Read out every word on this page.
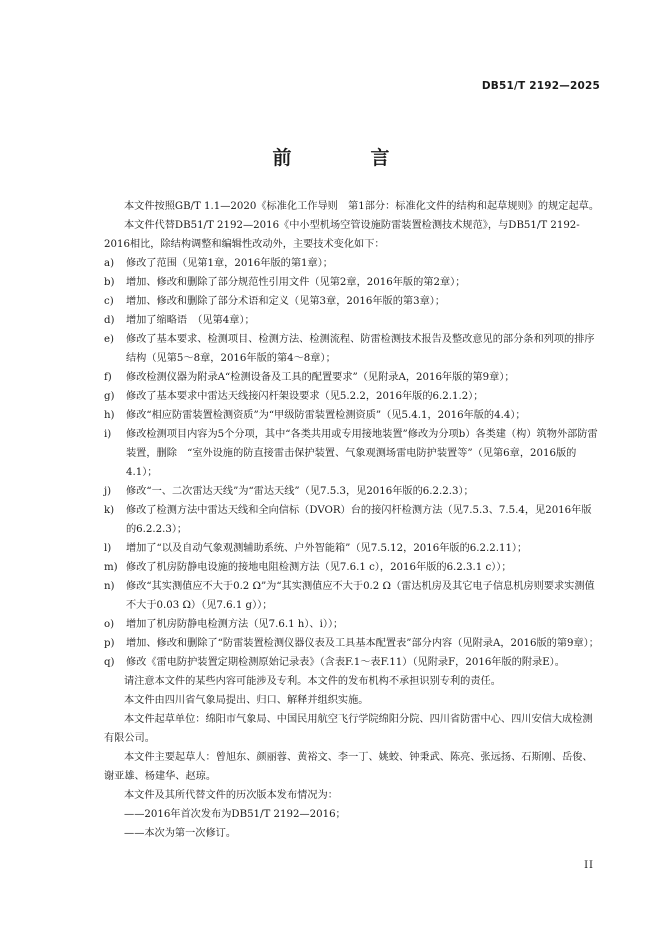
DB51/T 2192—2025
前　言

本文件按照GB/T 1.1—2020《标准化工作导则　第1部分：标准化文件的结构和起草规则》的规定起草。

本文件代替DB51/T 2192—2016《中小型机场空管设施防雷装置检测技术规范》，与DB51/T 2192-2016相比，除结构调整和编辑性改动外，主要技术变化如下：

a)	修改了范围（见第1章，2016年版的第1章）；
b)	增加、修改和删除了部分规范性引用文件（见第2章，2016年版的第2章）；
c)	增加、修改和删除了部分术语和定义（见第3章，2016年版的第3章）；
d)	增加了缩略语　（见第4章）；
e)	修改了基本要求、检测项目、检测方法、检测流程、防雷检测技术报告及整改意见的部分条和列项的排序结构（见第5～8章，2016年版的第4～8章）；
f)	修改检测仪器为附录A“检测设备及工具的配置要求”（见附录A，2016年版的第9章）；
g)	修改了基本要求中雷达天线接闪杆架设要求（见5.2.2，2016年版的6.2.1.2）；
h)	修改“相应防雷装置检测资质”为“甲级防雷装置检测资质”（见5.4.1，2016年版的4.4）；
i)	修改检测项目内容为5个分项，其中“各类共用或专用接地装置”修改为分项b）各类建（构）筑物外部防雷装置，删除　“室外设施的防直接雷击保护装置、气象观测场雷电防护装置等”（见第6章，2016版的4.1）；
j)	修改“一、二次雷达天线”为“雷达天线”（见7.5.3，见2016年版的6.2.2.3）；
k)	修改了检测方法中雷达天线和全向信标（DVOR）台的接闪杆检测方法（见7.5.3、7.5.4，见2016年版的6.2.2.3）；
l)	增加了“以及自动气象观测辅助系统、户外智能箱”（见7.5.12，2016年版的6.2.2.11）；
m) 修改了机房防静电设施的接地电阻检测方法（见7.6.1 c），2016年版的6.2.3.1 c））；
n)	修改“其实测值应不大于0.2 Ω”为“其实测值应不大于0.2 Ω（雷达机房及其它电子信息机房则要求实测值不大于0.03 Ω）（见7.6.1 g））；
o)	增加了机房防静电检测方法（见7.6.1 h）、i））；
p)	增加、修改和删除了“防雷装置检测仪器仪表及工具基本配置表”部分内容（见附录A，2016版的第9章）；
q)	修改《雷电防护装置定期检测原始记录表》（含表F.1～表F.11）（见附录F，2016年版的附录E）。

请注意本文件的某些内容可能涉及专利。本文件的发布机构不承担识别专利的责任。

本文件由四川省气象局提出、归口、解释并组织实施。

本文件起草单位：绵阳市气象局、中国民用航空飞行学院绵阳分院、四川省防雷中心、四川安信大成检测有限公司。

本文件主要起草人：曾旭东、颜丽蓉、黄裕文、李一丁、姚蛟、钟秉武、陈亮、张远扬、石斯刚、岳俊、谢亚雄、杨建华、赵琼。

本文件及其所代替文件的历次版本发布情况为：

——2016年首次发布为DB51/T 2192—2016；

——本次为第一次修订。

II
